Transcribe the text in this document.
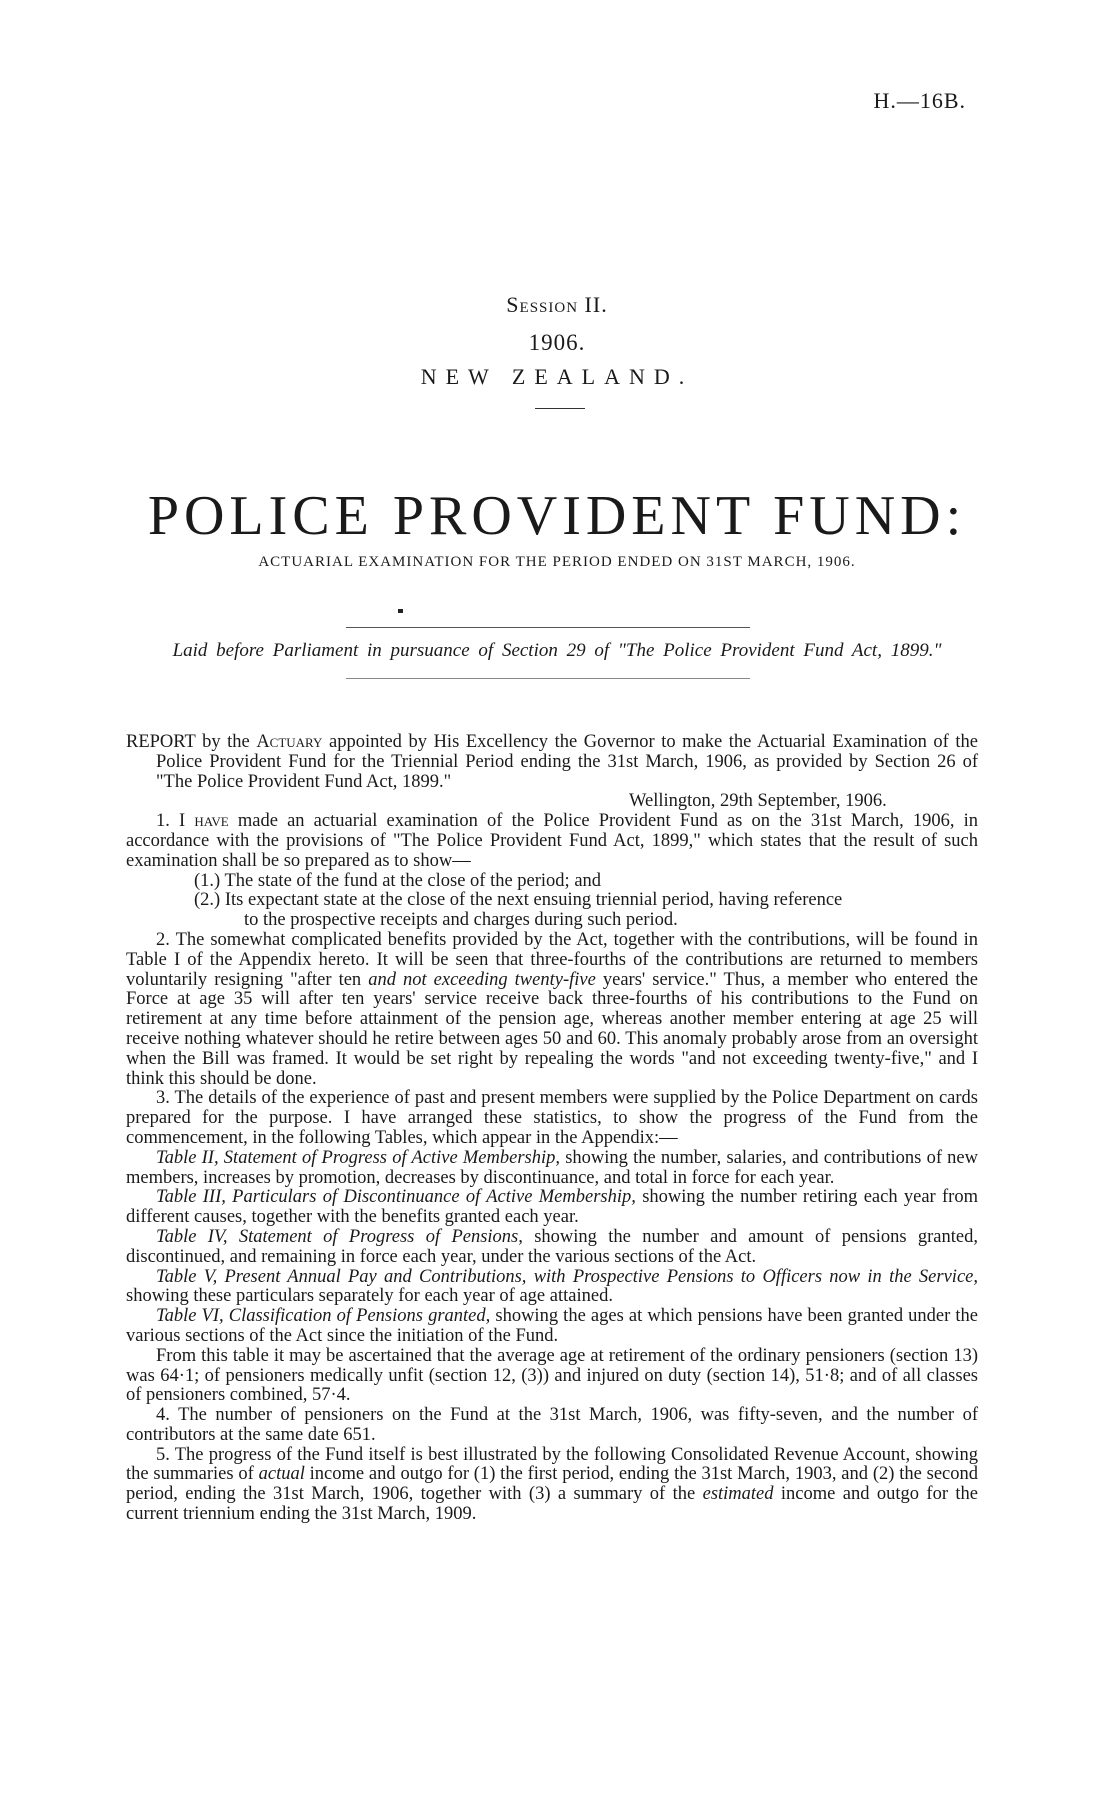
H.—16B.
Session II.
1906.
NEW ZEALAND.
POLICE PROVIDENT FUND:
ACTUARIAL EXAMINATION FOR THE PERIOD ENDED ON 31ST MARCH, 1906.
Laid before Parliament in pursuance of Section 29 of "The Police Provident Fund Act, 1899."

REPORT by the Actuary appointed by His Excellency the Governor to make the Actuarial Examination of the Police Provident Fund for the Triennial Period ending the 31st March, 1906, as provided by Section 26 of "The Police Provident Fund Act, 1899."

Wellington, 29th September, 1906.

1. I have made an actuarial examination of the Police Provident Fund as on the 31st March, 1906, in accordance with the provisions of "The Police Provident Fund Act, 1899," which states that the result of such examination shall be so prepared as to show—

(1.) The state of the fund at the close of the period; and

(2.) Its expectant state at the close of the next ensuing triennial period, having reference

to the prospective receipts and charges during such period.

2. The somewhat complicated benefits provided by the Act, together with the contributions, will be found in Table I of the Appendix hereto. It will be seen that three-fourths of the contributions are returned to members voluntarily resigning "after ten and not exceeding twenty-five years' service." Thus, a member who entered the Force at age 35 will after ten years' service receive back three-fourths of his contributions to the Fund on retirement at any time before attainment of the pension age, whereas another member entering at age 25 will receive nothing whatever should he retire between ages 50 and 60. This anomaly probably arose from an oversight when the Bill was framed. It would be set right by repealing the words "and not exceeding twenty-five," and I think this should be done.

3. The details of the experience of past and present members were supplied by the Police Department on cards prepared for the purpose. I have arranged these statistics, to show the progress of the Fund from the commencement, in the following Tables, which appear in the Appendix:—

Table II, Statement of Progress of Active Membership, showing the number, salaries, and contributions of new members, increases by promotion, decreases by discontinuance, and total in force for each year.

Table III, Particulars of Discontinuance of Active Membership, showing the number retiring each year from different causes, together with the benefits granted each year.

Table IV, Statement of Progress of Pensions, showing the number and amount of pensions granted, discontinued, and remaining in force each year, under the various sections of the Act.

Table V, Present Annual Pay and Contributions, with Prospective Pensions to Officers now in the Service, showing these particulars separately for each year of age attained.

Table VI, Classification of Pensions granted, showing the ages at which pensions have been granted under the various sections of the Act since the initiation of the Fund.

From this table it may be ascertained that the average age at retirement of the ordinary pensioners (section 13) was 64·1; of pensioners medically unfit (section 12, (3)) and injured on duty (section 14), 51·8; and of all classes of pensioners combined, 57·4.

4. The number of pensioners on the Fund at the 31st March, 1906, was fifty-seven, and the number of contributors at the same date 651.

5. The progress of the Fund itself is best illustrated by the following Consolidated Revenue Account, showing the summaries of actual income and outgo for (1) the first period, ending the 31st March, 1903, and (2) the second period, ending the 31st March, 1906, together with (3) a summary of the estimated income and outgo for the current triennium ending the 31st March, 1909.
